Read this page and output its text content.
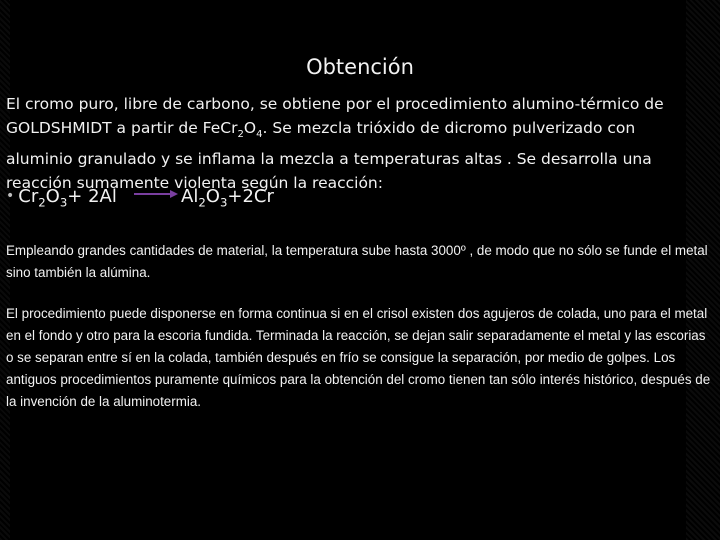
Obtención
El cromo puro, libre de carbono, se obtiene por el procedimiento alumino-térmico de
GOLDSHMIDT a partir de $FeCr_2O_4$. Se mezcla trióxido de dicromo pulverizado con
aluminio granulado y se inflama la mezcla a temperaturas altas . Se desarrolla una
reacción sumamente violenta según la reacción:
• $Cr_2O_3+ 2Al \to Al_2O_3+2Cr$
Empleando grandes cantidades de material, la temperatura sube hasta 3000º , de modo que no sólo se funde el metal sino también la alúmina.
El procedimiento puede disponerse en forma continua si en el crisol existen dos agujeros de colada, uno para el metal en el fondo y otro para la escoria fundida. Terminada la reacción, se dejan salir separadamente el metal y las escorias o se separan entre sí en la colada, también después en frío se consigue la separación, por medio de golpes. Los antiguos procedimientos puramente químicos para la obtención del cromo tienen tan sólo interés histórico, después de la invención de la aluminotermia.
